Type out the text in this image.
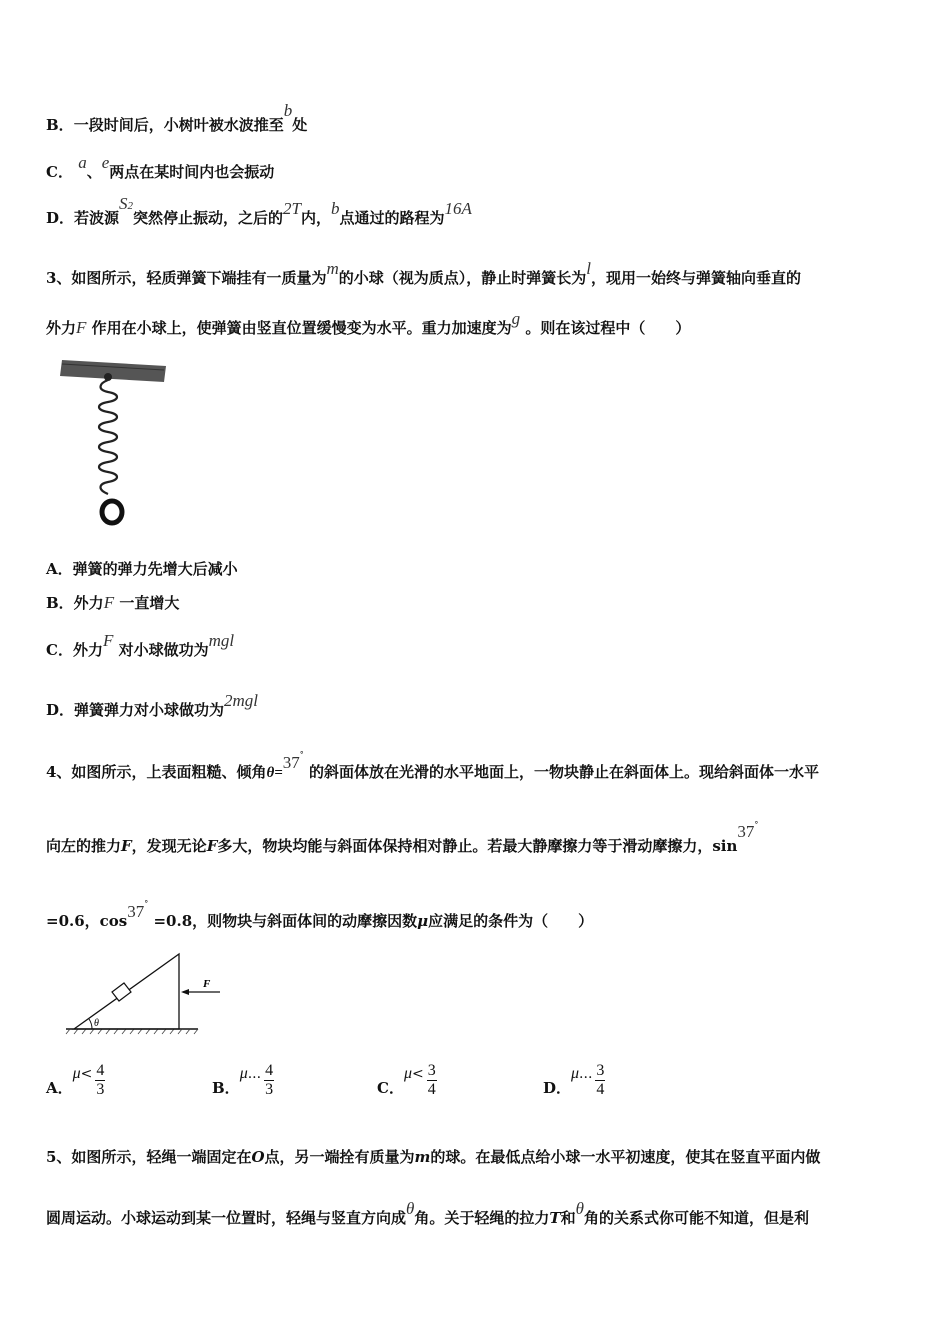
B．一段时间后，小树叶被水波推至b处
C． a、e两点在某时间内也会振动
D．若波源S2突然停止振动，之后的2T内，b点通过的路程为16A
3、如图所示，轻质弹簧下端挂有一质量为m的小球（视为质点），静止时弹簧长为l，现用一始终与弹簧轴向垂直的
外力F 作用在小球上，使弹簧由竖直位置缓慢变为水平。重力加速度为g 。则在该过程中（　　）
A．弹簧的弹力先增大后减小
B．外力F 一直增大
C．外力F 对小球做功为mgl
D．弹簧弹力对小球做功为2mgl
4、如图所示，上表面粗糙、倾角θ=37° 的斜面体放在光滑的水平地面上，一物块静止在斜面体上。现给斜面体一水平
向左的推力F，发现无论F多大，物块均能与斜面体保持相对静止。若最大静摩擦力等于滑动摩擦力，sin37°
=0.6，cos37° =0.8，则物块与斜面体间的动摩擦因数μ应满足的条件为（　　）
θ
F
A．$\mu< \frac{4}{3}$	B．μ... $\frac{4}{3}$	C．$\mu< \frac{3}{4}$	D．μ... $\frac{3}{4}$
5、如图所示，轻绳一端固定在O点，另一端拴有质量为m的球。在最低点给小球一水平初速度，使其在竖直平面内做
圆周运动。小球运动到某一位置时，轻绳与竖直方向成θ角。关于轻绳的拉力T和θ角的关系式你可能不知道，但是利
